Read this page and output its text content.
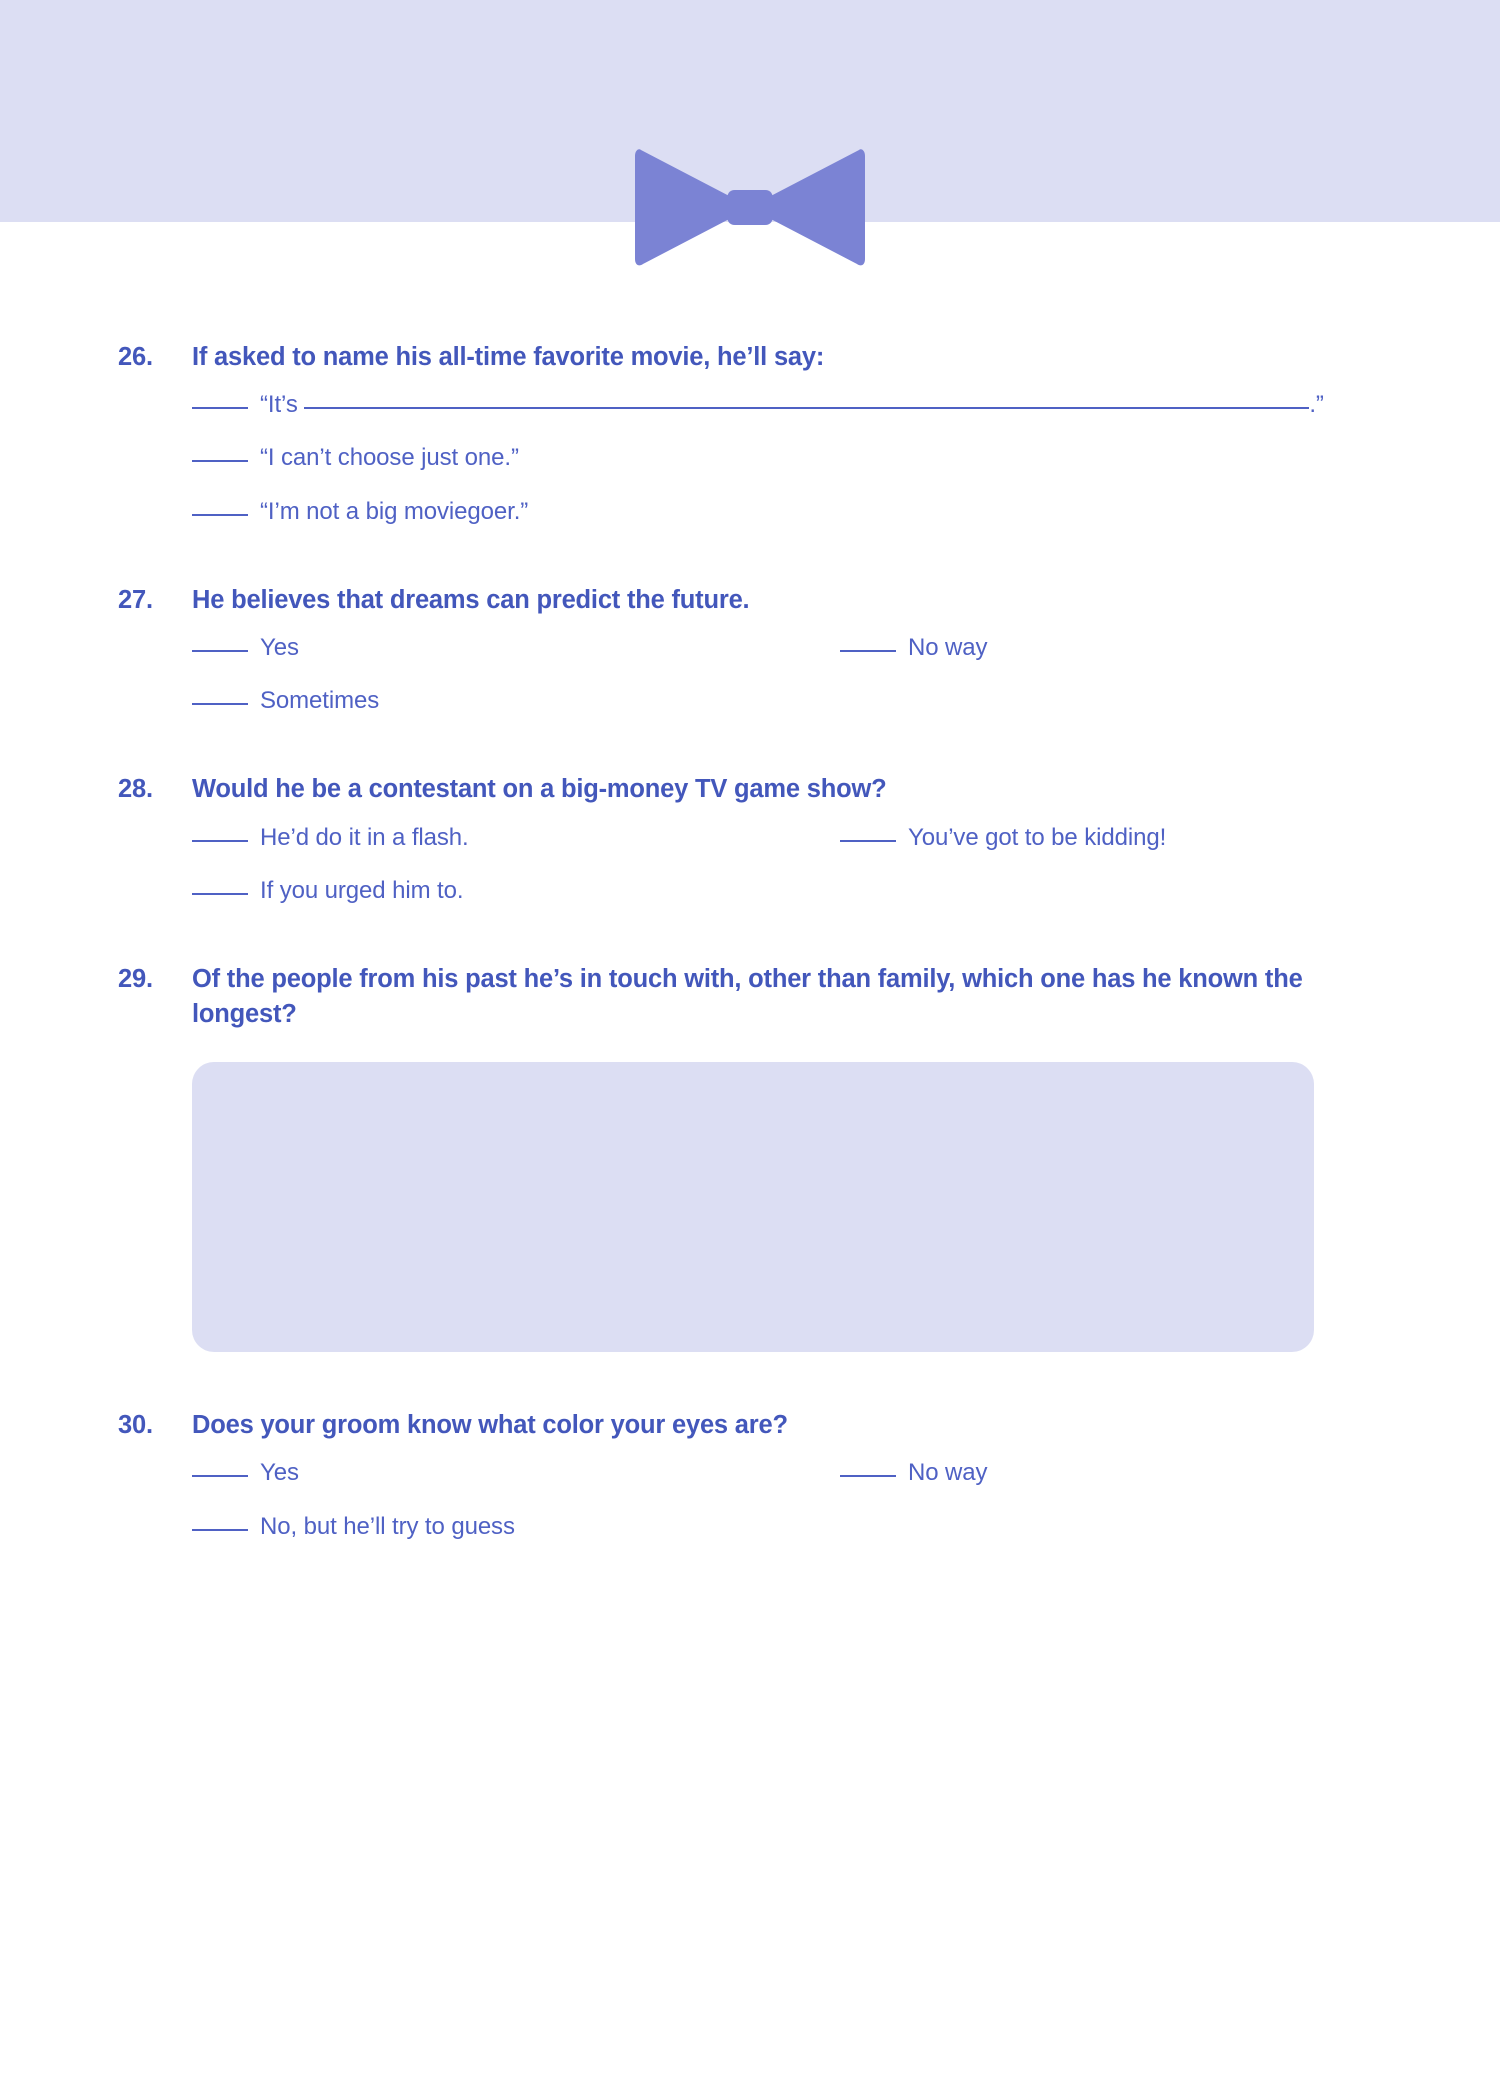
26.	If asked to name his all-time favorite movie, he’ll say:
“It’s	.”
“I can’t choose just one.”
“I’m not a big moviegoer.”
27.	He believes that dreams can predict the future.
Yes	No way
Sometimes
28.	Would he be a contestant on a big-money TV game show?
He’d do it in a flash.	You’ve got to be kidding!
If you urged him to.
29.	Of the people from his past he’s in touch with, other than family, which one has he known the longest?
30.	Does your groom know what color your eyes are?
Yes	No way
No, but he’ll try to guess
